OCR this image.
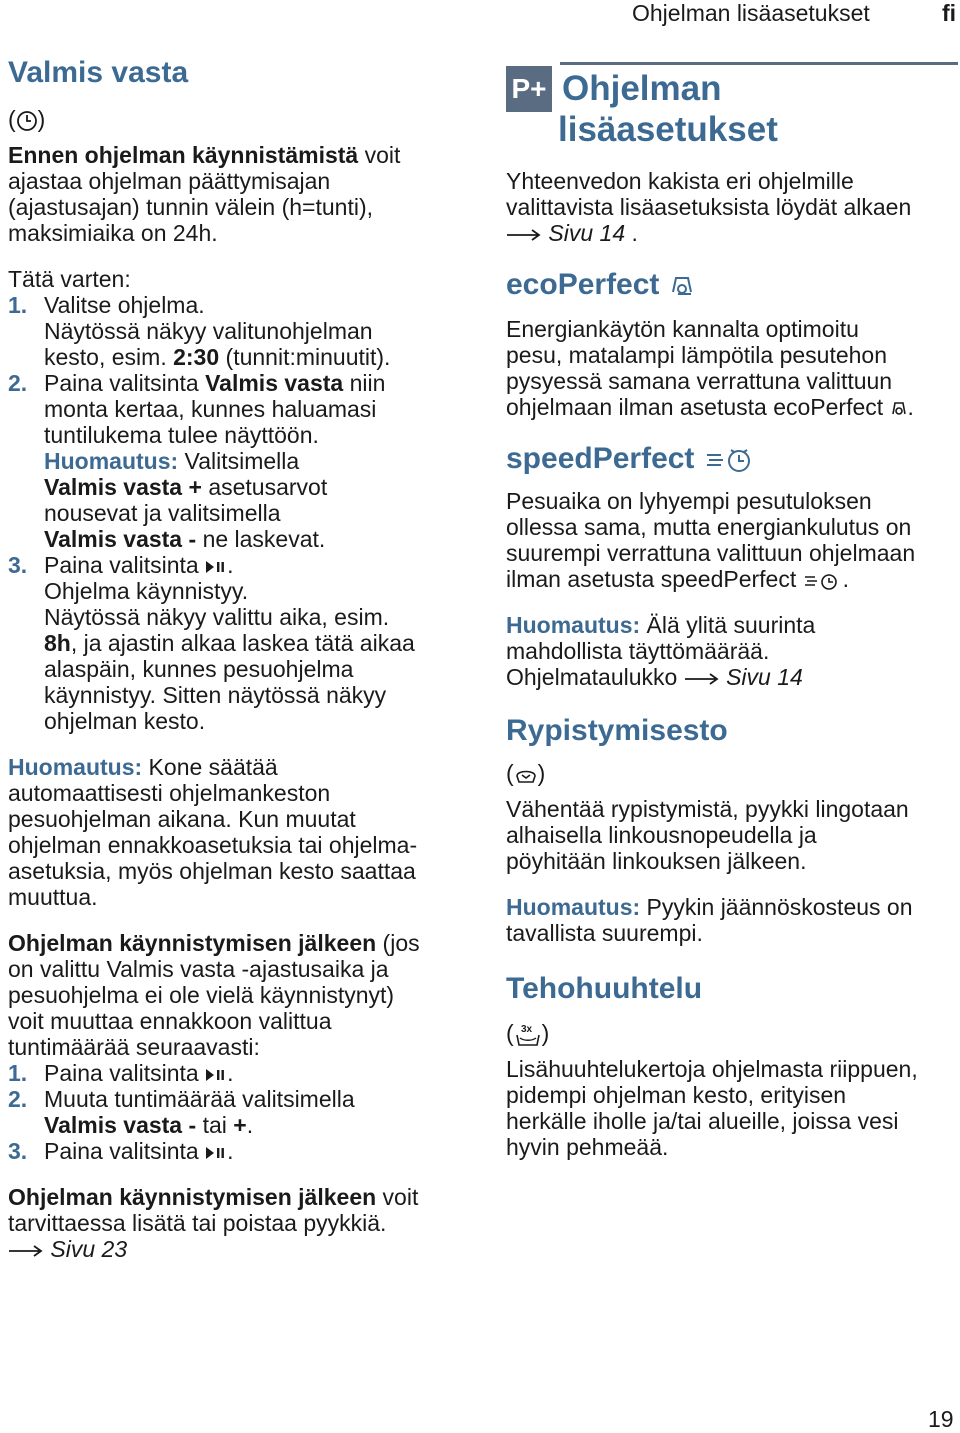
Ohjelman lisäasetukset	fi
Valmis vasta
( )
Ennen ohjelman käynnistämistä voit
ajastaa ohjelman päättymisajan
(ajastusajan) tunnin välein (h=tunti),
maksimiaika on 24h.
Tätä varten:
1. Valitse ohjelma.
Näytössä näkyy valitunohjelman
kesto, esim. 2:30 (tunnit:minuutit).
2. Paina valitsinta Valmis vasta niin
monta kertaa, kunnes haluamasi
tuntilukema tulee näyttöön.
Huomautus: Valitsimella
Valmis vasta + asetusarvot
nousevat ja valitsimella
Valmis vasta - ne laskevat.
3. Paina valitsinta .
Ohjelma käynnistyy.
Näytössä näkyy valittu aika, esim.
8h, ja ajastin alkaa laskea tätä aikaa
alaspäin, kunnes pesuohjelma
käynnistyy. Sitten näytössä näkyy
ohjelman kesto.
Huomautus: Kone säätää
automaattisesti ohjelmankeston
pesuohjelman aikana. Kun muutat
ohjelman ennakkoasetuksia tai ohjelma-
asetuksia, myös ohjelman kesto saattaa
muuttua.
Ohjelman käynnistymisen jälkeen (jos
on valittu Valmis vasta -ajastusaika ja
pesuohjelma ei ole vielä käynnistynyt)
voit muuttaa ennakkoon valittua
tuntimäärää seuraavasti:
1. Paina valitsinta .
2. Muuta tuntimäärää valitsimella
Valmis vasta - tai +.
3. Paina valitsinta .
Ohjelman käynnistymisen jälkeen voit
tarvittaessa lisätä tai poistaa pyykkiä.
Sivu 23
P+ Ohjelman
lisäasetukset
Yhteenvedon kakista eri ohjelmille
valittavista lisäasetuksista löydät alkaen
Sivu 14 .
ecoPerfect
Energiankäytön kannalta optimoitu
pesu, matalampi lämpötila pesutehon
pysyessä samana verrattuna valittuun
ohjelmaan ilman asetusta ecoPerfect .
speedPerfect
Pesuaika on lyhyempi pesutuloksen
ollessa sama, mutta energiankulutus on
suurempi verrattuna valittuun ohjelmaan
ilman asetusta speedPerfect .
Huomautus: Älä ylitä suurinta
mahdollista täyttömäärää.
Ohjelmataulukko  Sivu 14
Rypistymisesto
( )
Vähentää rypistymistä, pyykki lingotaan
alhaisella linkousnopeudella ja
pöyhitään linkouksen jälkeen.
Huomautus: Pyykin jäännöskosteus on
tavallista suurempi.
Tehohuuhtelu
( 3x )
Lisähuuhtelukertoja ohjelmasta riippuen,
pidempi ohjelman kesto, erityisen
herkälle iholle ja/tai alueille, joissa vesi
hyvin pehmeää.
19
